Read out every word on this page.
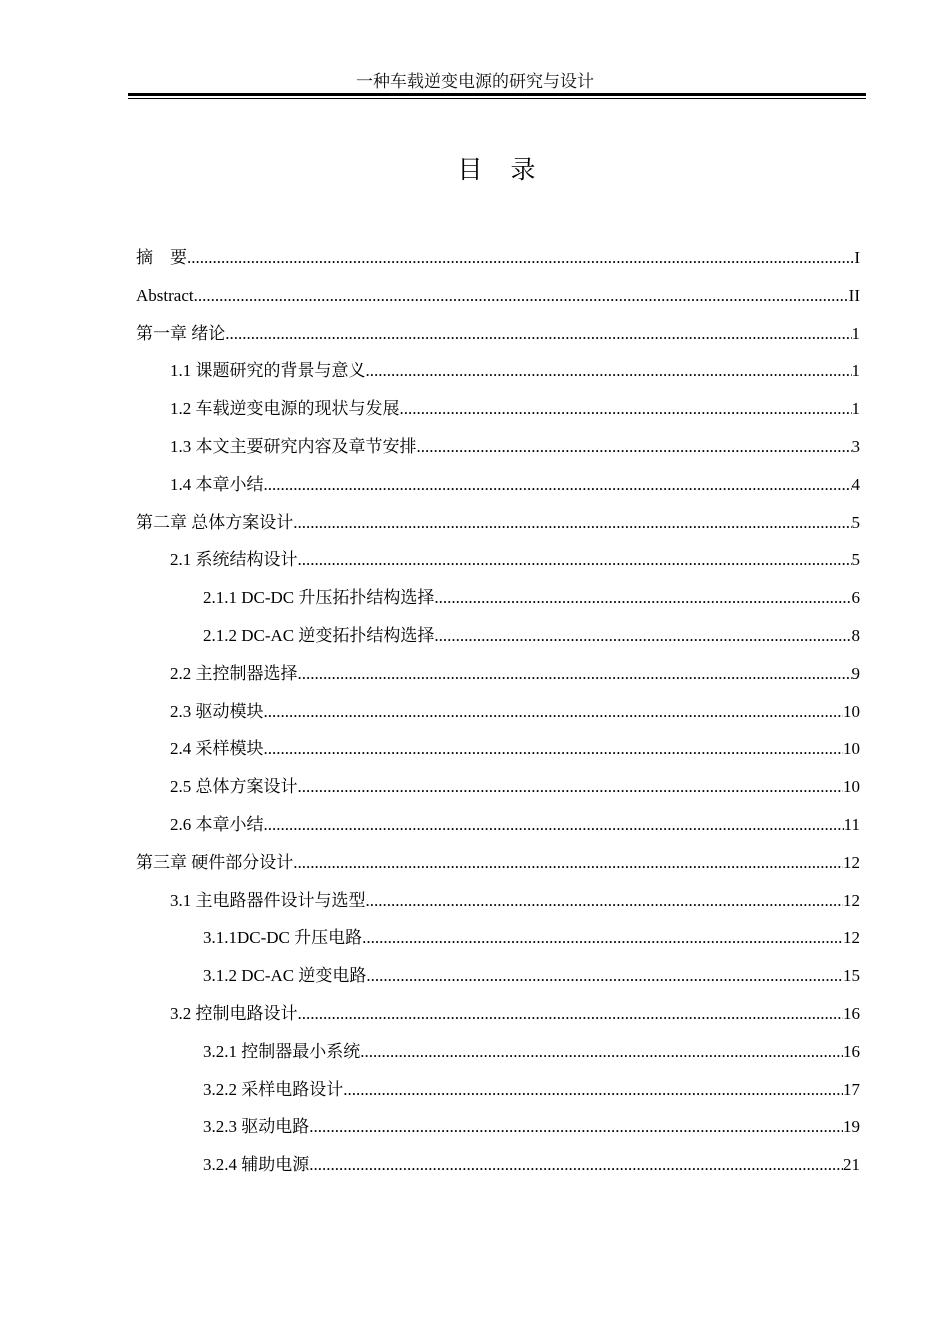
一种车载逆变电源的研究与设计
目 录
摘　要 .....	I
Abstract .....	II
第一章 绪论 .....	1
1.1 课题研究的背景与意义 .....	1
1.2 车载逆变电源的现状与发展 .....	1
1.3 本文主要研究内容及章节安排 .....	3
1.4 本章小结 .....	4
第二章 总体方案设计 .....	5
2.1 系统结构设计 .....	5
2.1.1 DC-DC 升压拓扑结构选择 .....	6
2.1.2 DC-AC 逆变拓扑结构选择 .....	8
2.2 主控制器选择 .....	9
2.3 驱动模块 .....	10
2.4 采样模块 .....	10
2.5 总体方案设计 .....	10
2.6 本章小结 .....	11
第三章 硬件部分设计 .....	12
3.1 主电路器件设计与选型 .....	12
3.1.1DC-DC 升压电路 .....	12
3.1.2 DC-AC 逆变电路 .....	15
3.2 控制电路设计 .....	16
3.2.1 控制器最小系统 .....	16
3.2.2 采样电路设计 .....	17
3.2.3 驱动电路 .....	19
3.2.4 辅助电源 .....	21
